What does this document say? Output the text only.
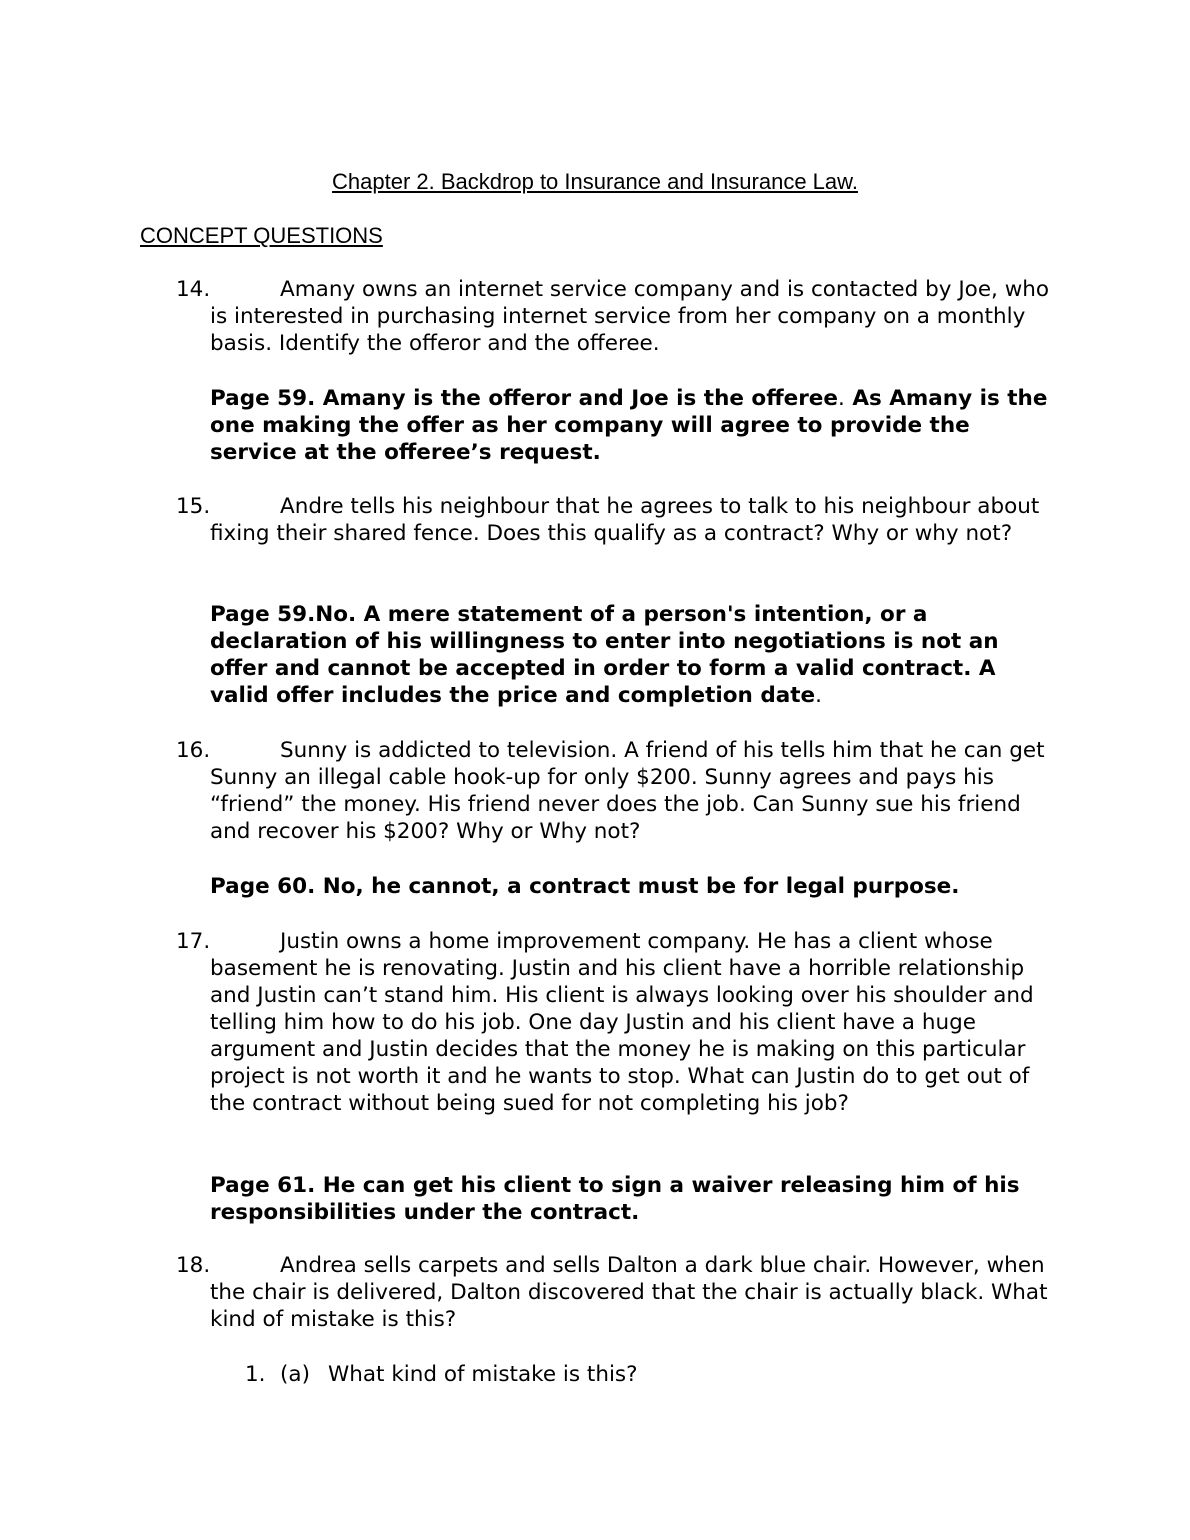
Chapter 2. Backdrop to Insurance and Insurance Law.
CONCEPT QUESTIONS
14.	Amany owns an internet service company and is contacted by Joe, who is interested in purchasing internet service from her company on a monthly basis. Identify the offeror and the offeree.
Page 59. Amany is the offeror and Joe is the offeree. As Amany is the one making the offer as her company will agree to provide the service at the offeree’s request.
15.	Andre tells his neighbour that he agrees to talk to his neighbour about fixing their shared fence. Does this qualify as a contract? Why or why not?
Page 59.No. A mere statement of a person's intention, or a declaration of his willingness to enter into negotiations is not an offer and cannot be accepted in order to form a valid contract. A valid offer includes the price and completion date.
16.	Sunny is addicted to television. A friend of his tells him that he can get Sunny an illegal cable hook-up for only $200. Sunny agrees and pays his “friend” the money. His friend never does the job. Can Sunny sue his friend and recover his $200? Why or Why not?
Page 60. No, he cannot, a contract must be for legal purpose.
17.	Justin owns a home improvement company. He has a client whose basement he is renovating. Justin and his client have a horrible relationship and Justin can’t stand him. His client is always looking over his shoulder and telling him how to do his job. One day Justin and his client have a huge argument and Justin decides that the money he is making on this particular project is not worth it and he wants to stop. What can Justin do to get out of the contract without being sued for not completing his job?
Page 61. He can get his client to sign a waiver releasing him of his responsibilities under the contract.
18.	Andrea sells carpets and sells Dalton a dark blue chair. However, when the chair is delivered, Dalton discovered that the chair is actually black. What kind of mistake is this?
1. (a) What kind of mistake is this?
